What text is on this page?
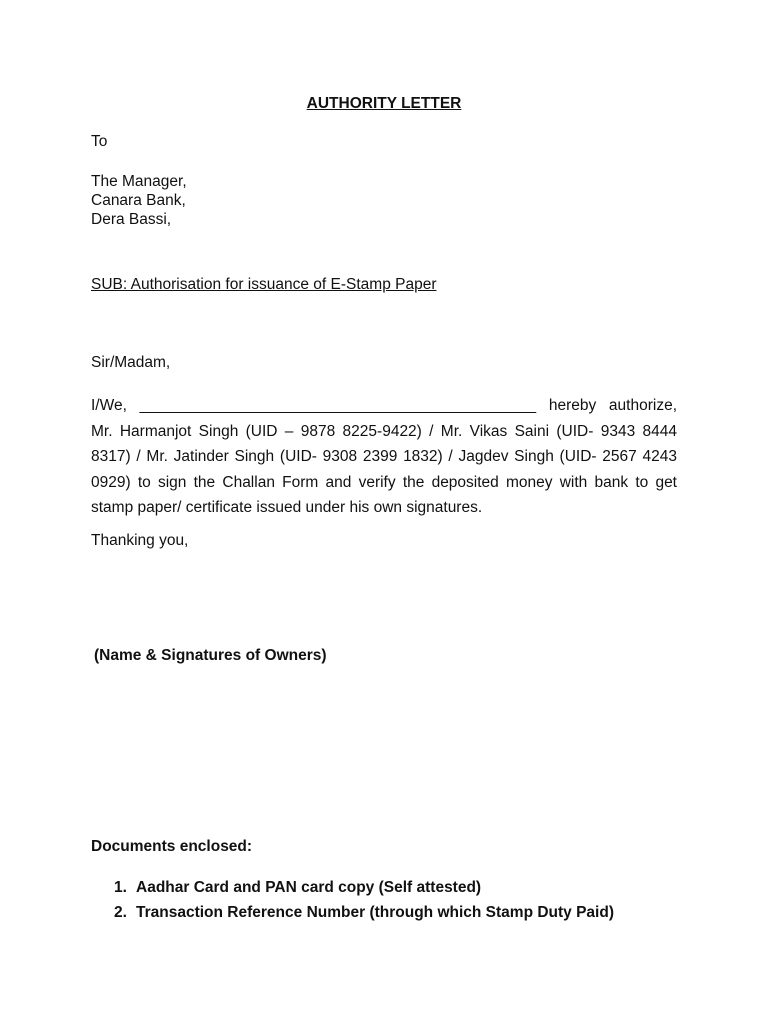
AUTHORITY LETTER
To
The Manager,
Canara Bank,
Dera Bassi,
SUB: Authorisation for issuance of E-Stamp Paper
Sir/Madam,
I/We, ______________________________________________ hereby authorize,
Mr. Harmanjot Singh (UID – 9878 8225-9422) / Mr. Vikas Saini (UID- 9343 8444
8317) / Mr. Jatinder Singh (UID- 9308 2399 1832) / Jagdev Singh (UID- 2567 4243
0929) to sign the Challan Form and verify the deposited money with bank to get
stamp paper/ certificate issued under his own signatures.
Thanking you,
(Name & Signatures of Owners)
Documents enclosed:
1. Aadhar Card and PAN card copy (Self attested)
2. Transaction Reference Number (through which Stamp Duty Paid)
